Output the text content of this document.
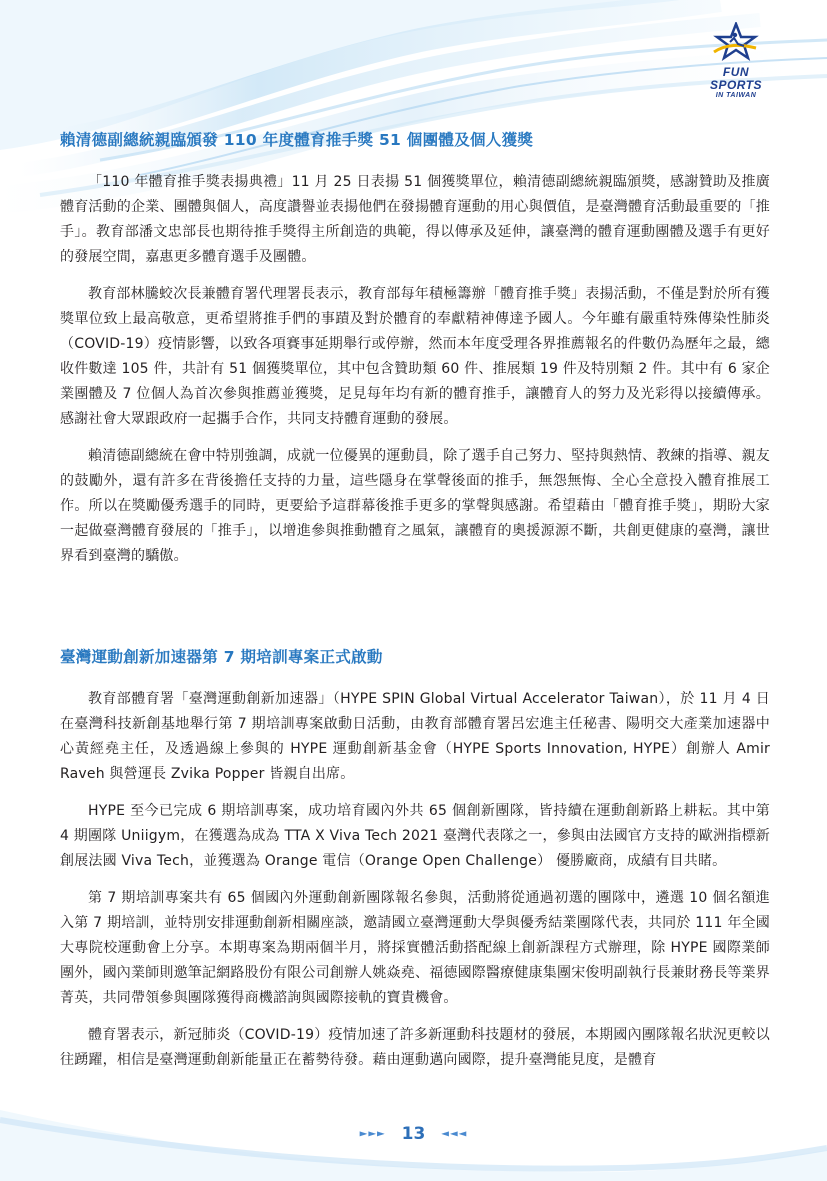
FUN SPORTS
IN TAIWAN
賴清德副總統親臨頒發 110 年度體育推手獎 51 個團體及個人獲獎

「110 年體育推手獎表揚典禮」11 月 25 日表揚 51 個獲獎單位，賴清德副總統親臨頒獎，感謝贊助及推廣體育活動的企業、團體與個人，高度讚譽並表揚他們在發揚體育運動的用心與價值，是臺灣體育活動最重要的「推手」。教育部潘文忠部長也期待推手獎得主所創造的典範，得以傳承及延伸，讓臺灣的體育運動團體及選手有更好的發展空間，嘉惠更多體育選手及團體。

教育部林騰蛟次長兼體育署代理署長表示，教育部每年積極籌辦「體育推手獎」表揚活動，不僅是對於所有獲獎單位致上最高敬意，更希望將推手們的事蹟及對於體育的奉獻精神傳達予國人。今年雖有嚴重特殊傳染性肺炎（COVID-19）疫情影響，以致各項賽事延期舉行或停辦，然而本年度受理各界推薦報名的件數仍為歷年之最，總收件數達 105 件，共計有 51 個獲獎單位，其中包含贊助類 60 件、推展類 19 件及特別類 2 件。其中有 6 家企業團體及 7 位個人為首次參與推薦並獲獎，足見每年均有新的體育推手，讓體育人的努力及光彩得以接續傳承。感謝社會大眾跟政府一起攜手合作，共同支持體育運動的發展。

賴清德副總統在會中特別強調，成就一位優異的運動員，除了選手自己努力、堅持與熱情、教練的指導、親友的鼓勵外，還有許多在背後擔任支持的力量，這些隱身在掌聲後面的推手，無怨無悔、全心全意投入體育推展工作。所以在獎勵優秀選手的同時，更要給予這群幕後推手更多的掌聲與感謝。希望藉由「體育推手獎」，期盼大家一起做臺灣體育發展的「推手」，以增進參與推動體育之風氣，讓體育的奧援源源不斷，共創更健康的臺灣，讓世界看到臺灣的驕傲。

臺灣運動創新加速器第 7 期培訓專案正式啟動

教育部體育署「臺灣運動創新加速器」（HYPE SPIN Global Virtual Accelerator Taiwan），於 11 月 4 日在臺灣科技新創基地舉行第 7 期培訓專案啟動日活動，由教育部體育署呂宏進主任秘書、陽明交大產業加速器中心黃經堯主任，及透過線上參與的 HYPE 運動創新基金會（HYPE Sports Innovation, HYPE）創辦人 Amir Raveh 與營運長 Zvika Popper 皆親自出席。

HYPE 至今已完成 6 期培訓專案，成功培育國內外共 65 個創新團隊，皆持續在運動創新路上耕耘。其中第 4 期團隊 Uniigym，在獲選為成為 TTA X Viva Tech 2021 臺灣代表隊之一，參與由法國官方支持的歐洲指標新創展法國 Viva Tech，並獲選為 Orange 電信（Orange Open Challenge） 優勝廠商，成績有目共睹。

第 7 期培訓專案共有 65 個國內外運動創新團隊報名參與，活動將從通過初選的團隊中，遴選 10 個名額進入第 7 期培訓，並特別安排運動創新相關座談，邀請國立臺灣運動大學與優秀結業團隊代表，共同於 111 年全國大專院校運動會上分享。本期專案為期兩個半月，將採實體活動搭配線上創新課程方式辦理，除 HYPE 國際業師團外，國內業師則邀筆記網路股份有限公司創辦人姚焱堯、福德國際醫療健康集團宋俊明副執行長兼財務長等業界菁英，共同帶領參與團隊獲得商機諮詢與國際接軌的寶貴機會。

體育署表示，新冠肺炎（COVID-19）疫情加速了許多新運動科技題材的發展，本期國內團隊報名狀況更較以往踴躍，相信是臺灣運動創新能量正在蓄勢待發。藉由運動邁向國際，提升臺灣能見度，是體育

►►► 13 ◄◄◄
